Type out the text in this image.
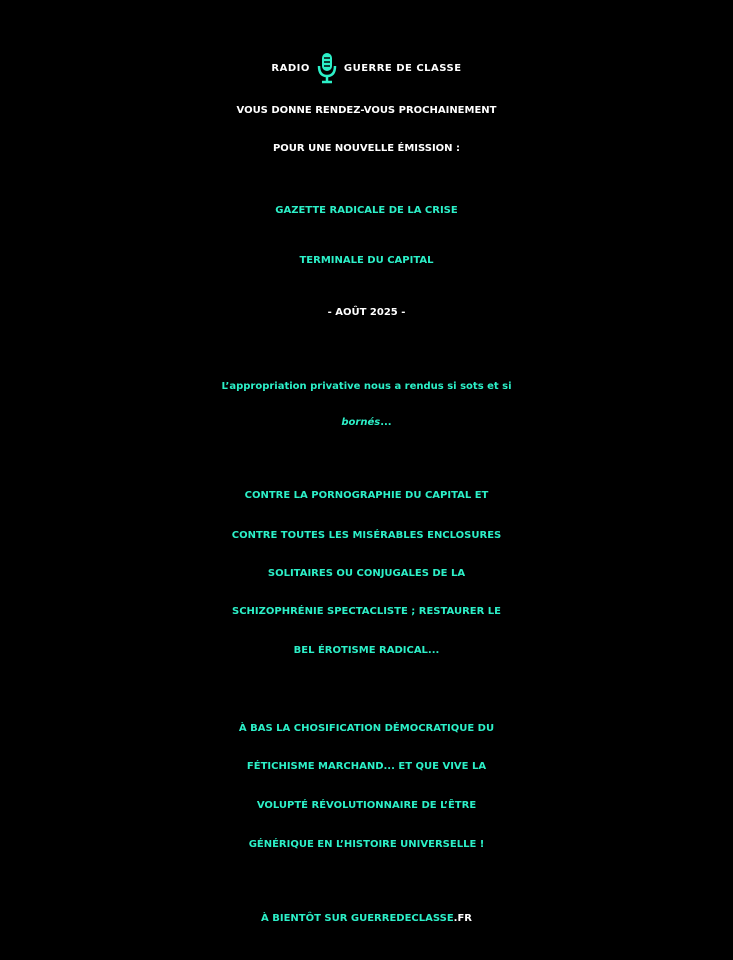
RADIO	GUERRE DE CLASSE
VOUS DONNE RENDEZ-VOUS PROCHAINEMENT
POUR UNE NOUVELLE ÉMISSION :
GAZETTE RADICALE DE LA CRISE
TERMINALE DU CAPITAL
- AOÛT 2025 -
L’appropriation privative nous a rendus si sots et si
bornés...
CONTRE LA PORNOGRAPHIE DU CAPITAL ET
CONTRE TOUTES LES MISÉRABLES ENCLOSURES
SOLITAIRES OU CONJUGALES DE LA
SCHIZOPHRÉNIE SPECTACLISTE ; RESTAURER LE
BEL ÉROTISME RADICAL...
À BAS LA CHOSIFICATION DÉMOCRATIQUE DU
FÉTICHISME MARCHAND... ET QUE VIVE LA
VOLUPTÉ RÉVOLUTIONNAIRE DE L’ÊTRE
GÉNÉRIQUE EN L’HISTOIRE UNIVERSELLE !
À BIENTÔT SUR GUERREDECLASSE.FR
